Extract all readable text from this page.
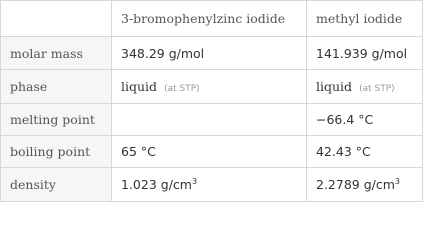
	3-bromophenylzinc iodide	methyl iodide
molar mass	348.29 g/mol	141.939 g/mol
phase	liquid (at STP)	liquid (at STP)
melting point		−66.4 °C
boiling point	65 °C	42.43 °C
density	1.023 $g/cm^3$	2.2789 $g/cm^3$
